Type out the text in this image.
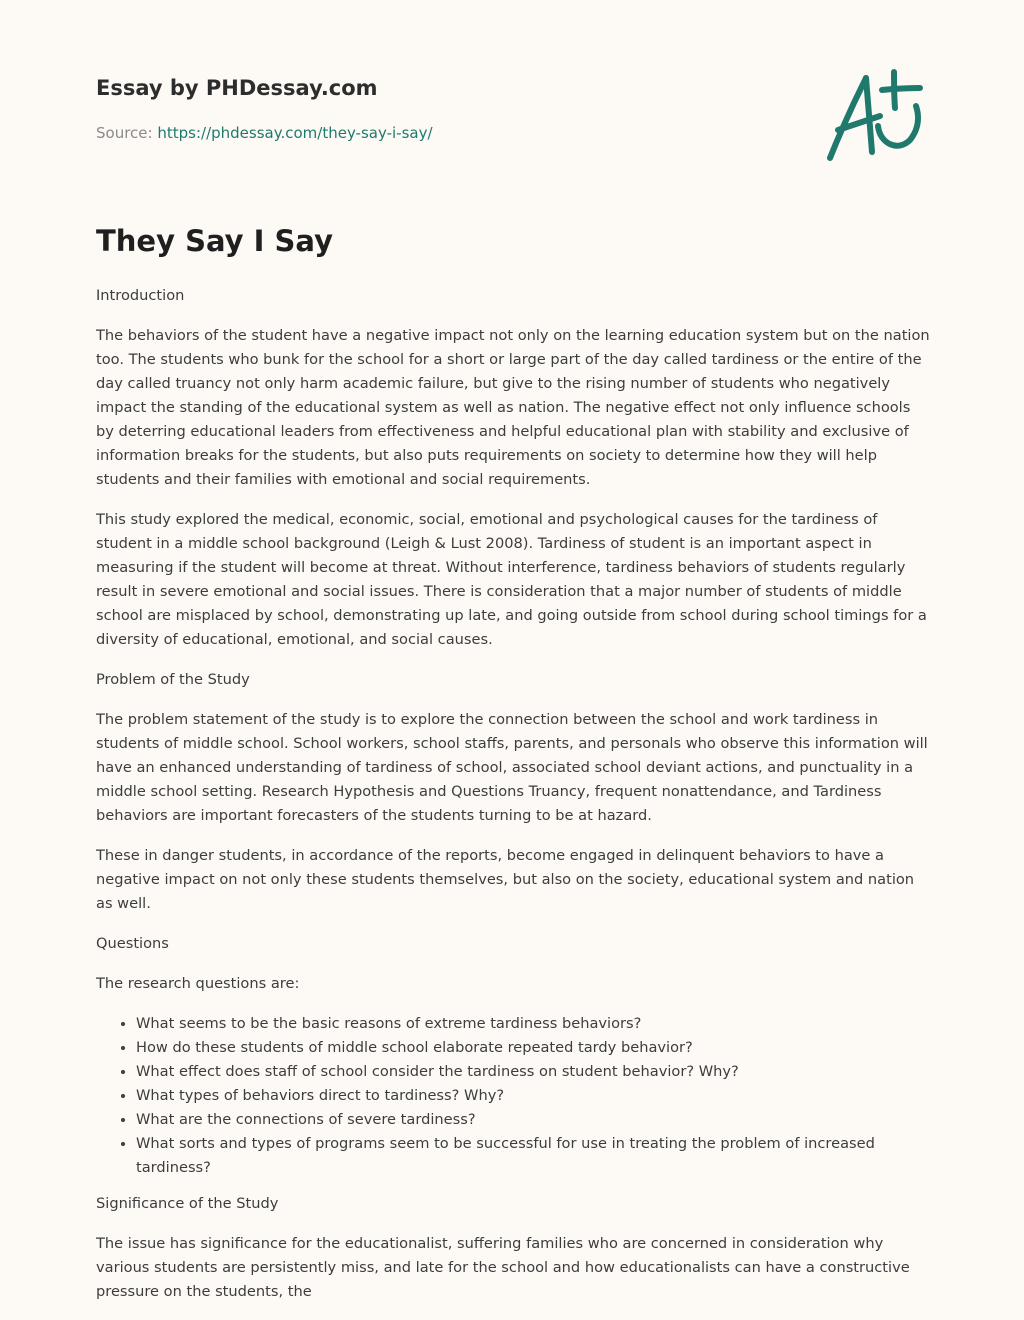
Essay by PHDessay.com

Source: https://phdessay.com/they-say-i-say/

They Say I Say

Introduction

The behaviors of the student have a negative impact not only on the learning education system but on the nation too. The students who bunk for the school for a short or large part of the day called tardiness or the entire of the day called truancy not only harm academic failure, but give to the rising number of students who negatively impact the standing of the educational system as well as nation. The negative effect not only influence schools by deterring educational leaders from effectiveness and helpful educational plan with stability and exclusive of information breaks for the students, but also puts requirements on society to determine how they will help students and their families with emotional and social requirements.

This study explored the medical, economic, social, emotional and psychological causes for the tardiness of student in a middle school background (Leigh & Lust 2008). Tardiness of student is an important aspect in measuring if the student will become at threat. Without interference, tardiness behaviors of students regularly result in severe emotional and social issues. There is consideration that a major number of students of middle school are misplaced by school, demonstrating up late, and going outside from school during school timings for a diversity of educational, emotional, and social causes.

Problem of the Study

The problem statement of the study is to explore the connection between the school and work tardiness in students of middle school. School workers, school staffs, parents, and personals who observe this information will have an enhanced understanding of tardiness of school, associated school deviant actions, and punctuality in a middle school setting. Research Hypothesis and Questions Truancy, frequent nonattendance, and Tardiness behaviors are important forecasters of the students turning to be at hazard.

These in danger students, in accordance of the reports, become engaged in delinquent behaviors to have a negative impact on not only these students themselves, but also on the society, educational system and nation as well.

Questions

The research questions are:

• What seems to be the basic reasons of extreme tardiness behaviors?
• How do these students of middle school elaborate repeated tardy behavior?
• What effect does staff of school consider the tardiness on student behavior? Why?
• What types of behaviors direct to tardiness? Why?
• What are the connections of severe tardiness?
• What sorts and types of programs seem to be successful for use in treating the problem of increased tardiness?

Significance of the Study

The issue has significance for the educationalist, suffering families who are concerned in consideration why various students are persistently miss, and late for the school and how educationalists can have a constructive pressure on the students, the
